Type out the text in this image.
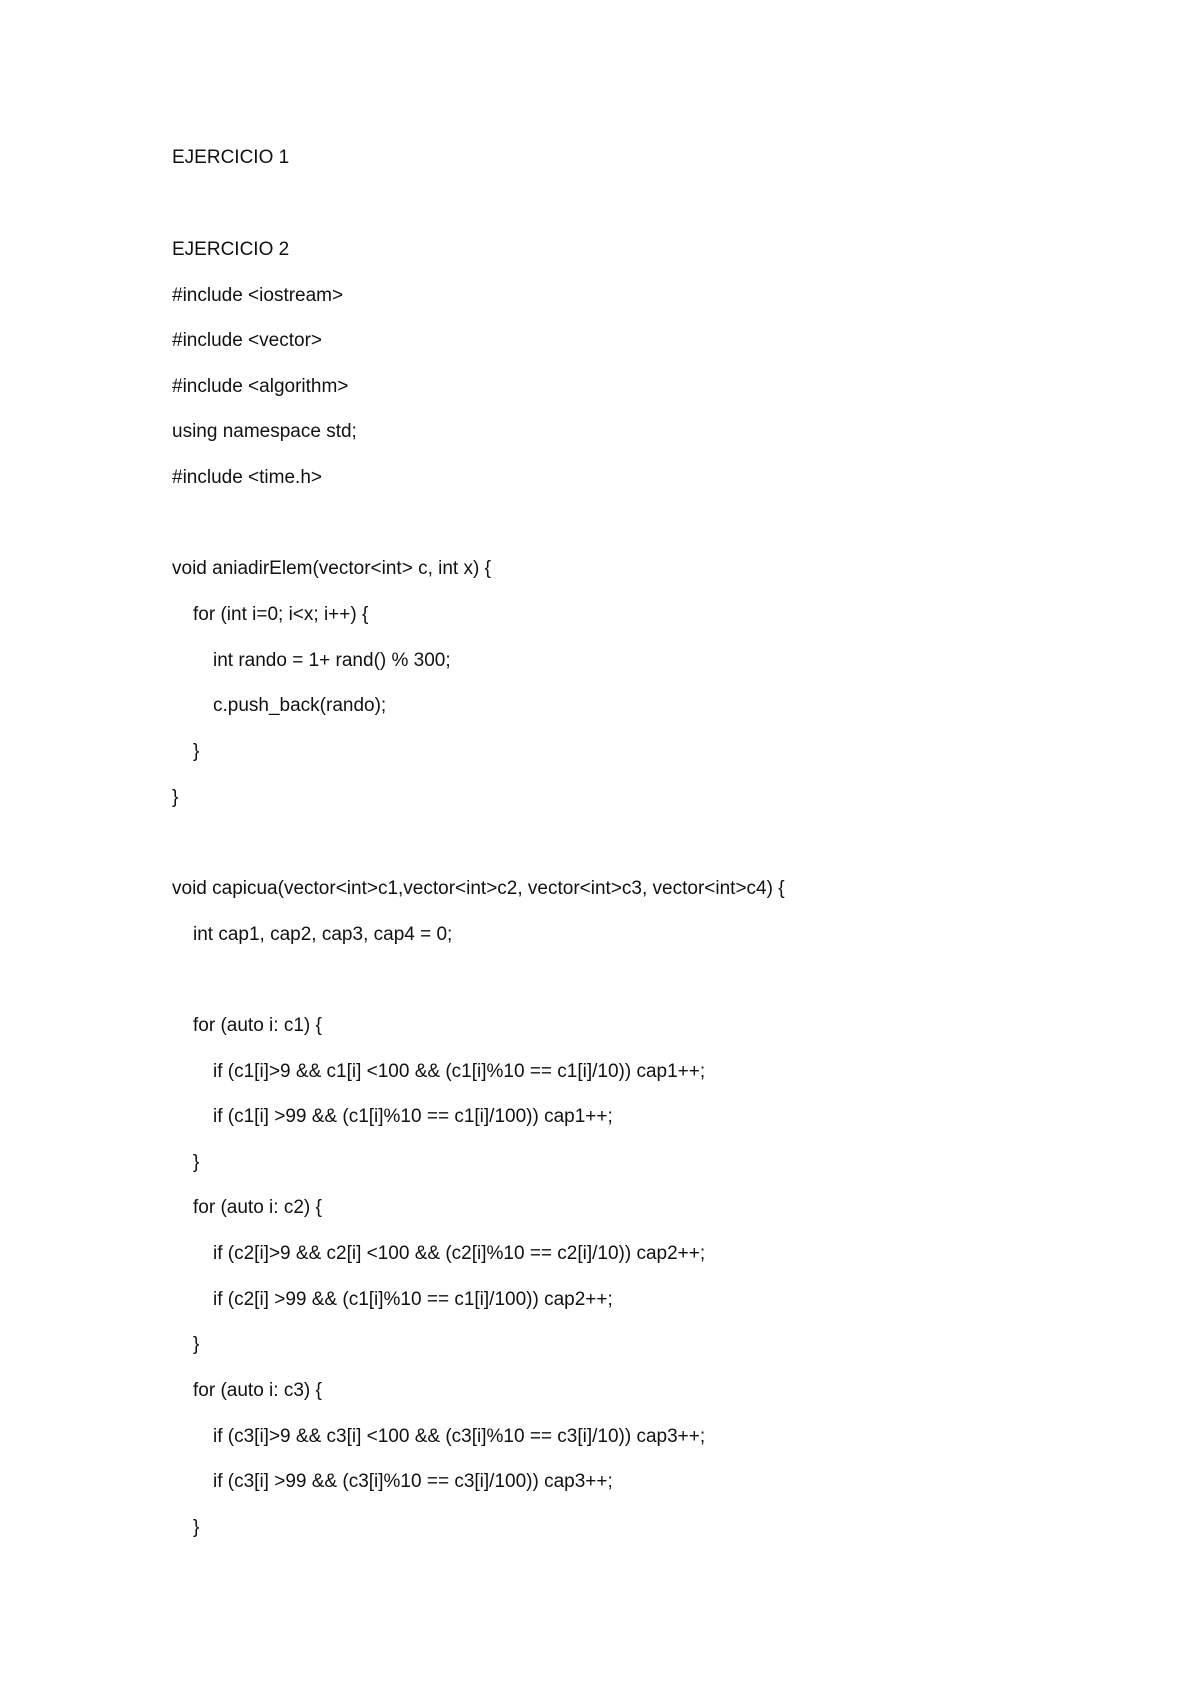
EJERCICIO 1
EJERCICIO 2
#include <iostream>
#include <vector>
#include <algorithm>
using namespace std;
#include <time.h>
void aniadirElem(vector<int> c, int x) {
for (int i=0; i<x; i++) {
int rando = 1+ rand() % 300;
c.push_back(rando);
}
}
void capicua(vector<int>c1,vector<int>c2, vector<int>c3, vector<int>c4) {
int cap1, cap2, cap3, cap4 = 0;
for (auto i: c1) {
if (c1[i]>9 && c1[i] <100 && (c1[i]%10 == c1[i]/10)) cap1++;
if (c1[i] >99 && (c1[i]%10 == c1[i]/100)) cap1++;
}
for (auto i: c2) {
if (c2[i]>9 && c2[i] <100 && (c2[i]%10 == c2[i]/10)) cap2++;
if (c2[i] >99 && (c1[i]%10 == c1[i]/100)) cap2++;
}
for (auto i: c3) {
if (c3[i]>9 && c3[i] <100 && (c3[i]%10 == c3[i]/10)) cap3++;
if (c3[i] >99 && (c3[i]%10 == c3[i]/100)) cap3++;
}
